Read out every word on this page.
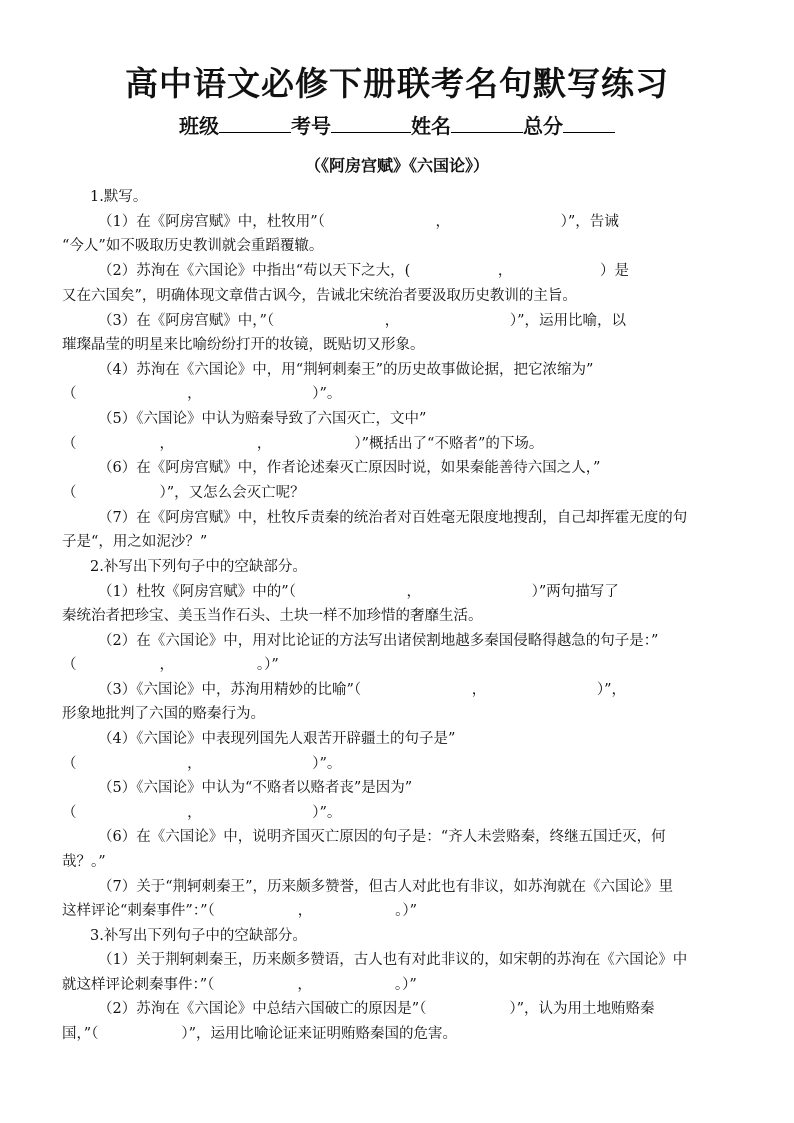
高中语文必修下册联考名句默写练习
班级	考号	姓名	总分
（《阿房宫赋》《六国论》）
1.默写。
（1）在《阿房宫赋》中，杜牧用”（                        ，                        ）”，告诫
“今人”如不吸取历史教训就会重蹈覆辙。
（2）苏洵在《六国论》中指出“苟以天下之大，(                   ，                   ）是
又在六国矣”，明确体现文章借古讽今，告诫北宋统治者要汲取历史教训的主旨。
（3）在《阿房宫赋》中，”（                        ，                        ）”，运用比喻，以
璀璨晶莹的明星来比喻纷纷打开的妆镜，既贴切又形象。
（4）苏洵在《六国论》中，用“荆轲刺秦王”的历史故事做论据，把它浓缩为”
（                        ，                        ）”。
（5）《六国论》中认为赔秦导致了六国灭亡，文中”
（                  ，                  ，                  ）”概括出了“不赂者”的下场。
（6）在《阿房宫赋》中，作者论述秦灭亡原因时说，如果秦能善待六国之人，”
（                  ）”，又怎么会灭亡呢？
（7）在《阿房宫赋》中，杜牧斥责秦的统治者对百姓毫无限度地搜刮，自己却挥霍无度的句
子是“，用之如泥沙？”
2.补写出下列句子中的空缺部分。
（1）杜牧《阿房宫赋》中的”（                        ，                        ）”两句描写了
秦统治者把珍宝、美玉当作石头、土块一样不加珍惜的奢靡生活。
（2）在《六国论》中，用对比论证的方法写出诸侯割地越多秦国侵略得越急的句子是：”
（                  ，                  。）”
（3）《六国论》中，苏洵用精妙的比喻”（                        ，                        ）”，
形象地批判了六国的赂秦行为。
（4）《六国论》中表现列国先人艰苦开辟疆土的句子是”
（                        ，                        ）”。
（5）《六国论》中认为“不赂者以赂者丧”是因为”
（                        ，                        ）”。
（6）在《六国论》中，说明齐国灭亡原因的句子是：“齐人未尝赂秦，终继五国迁灭，何
哉？。”
（7）关于“荆轲刺秦王”，历来颇多赞誉，但古人对此也有非议，如苏洵就在《六国论》里
这样评论“刺秦事件”：”（                  ，                  。）”
3.补写出下列句子中的空缺部分。
（1）关于荆轲刺秦王，历来颇多赞语，古人也有对此非议的，如宋朝的苏洵在《六国论》中
就这样评论刺秦事件：”（                  ，                  。）”
（2）苏洵在《六国论》中总结六国破亡的原因是”（                  ）”，认为用土地贿赂秦
国，”（                  ）”，运用比喻论证来证明贿赂秦国的危害。
